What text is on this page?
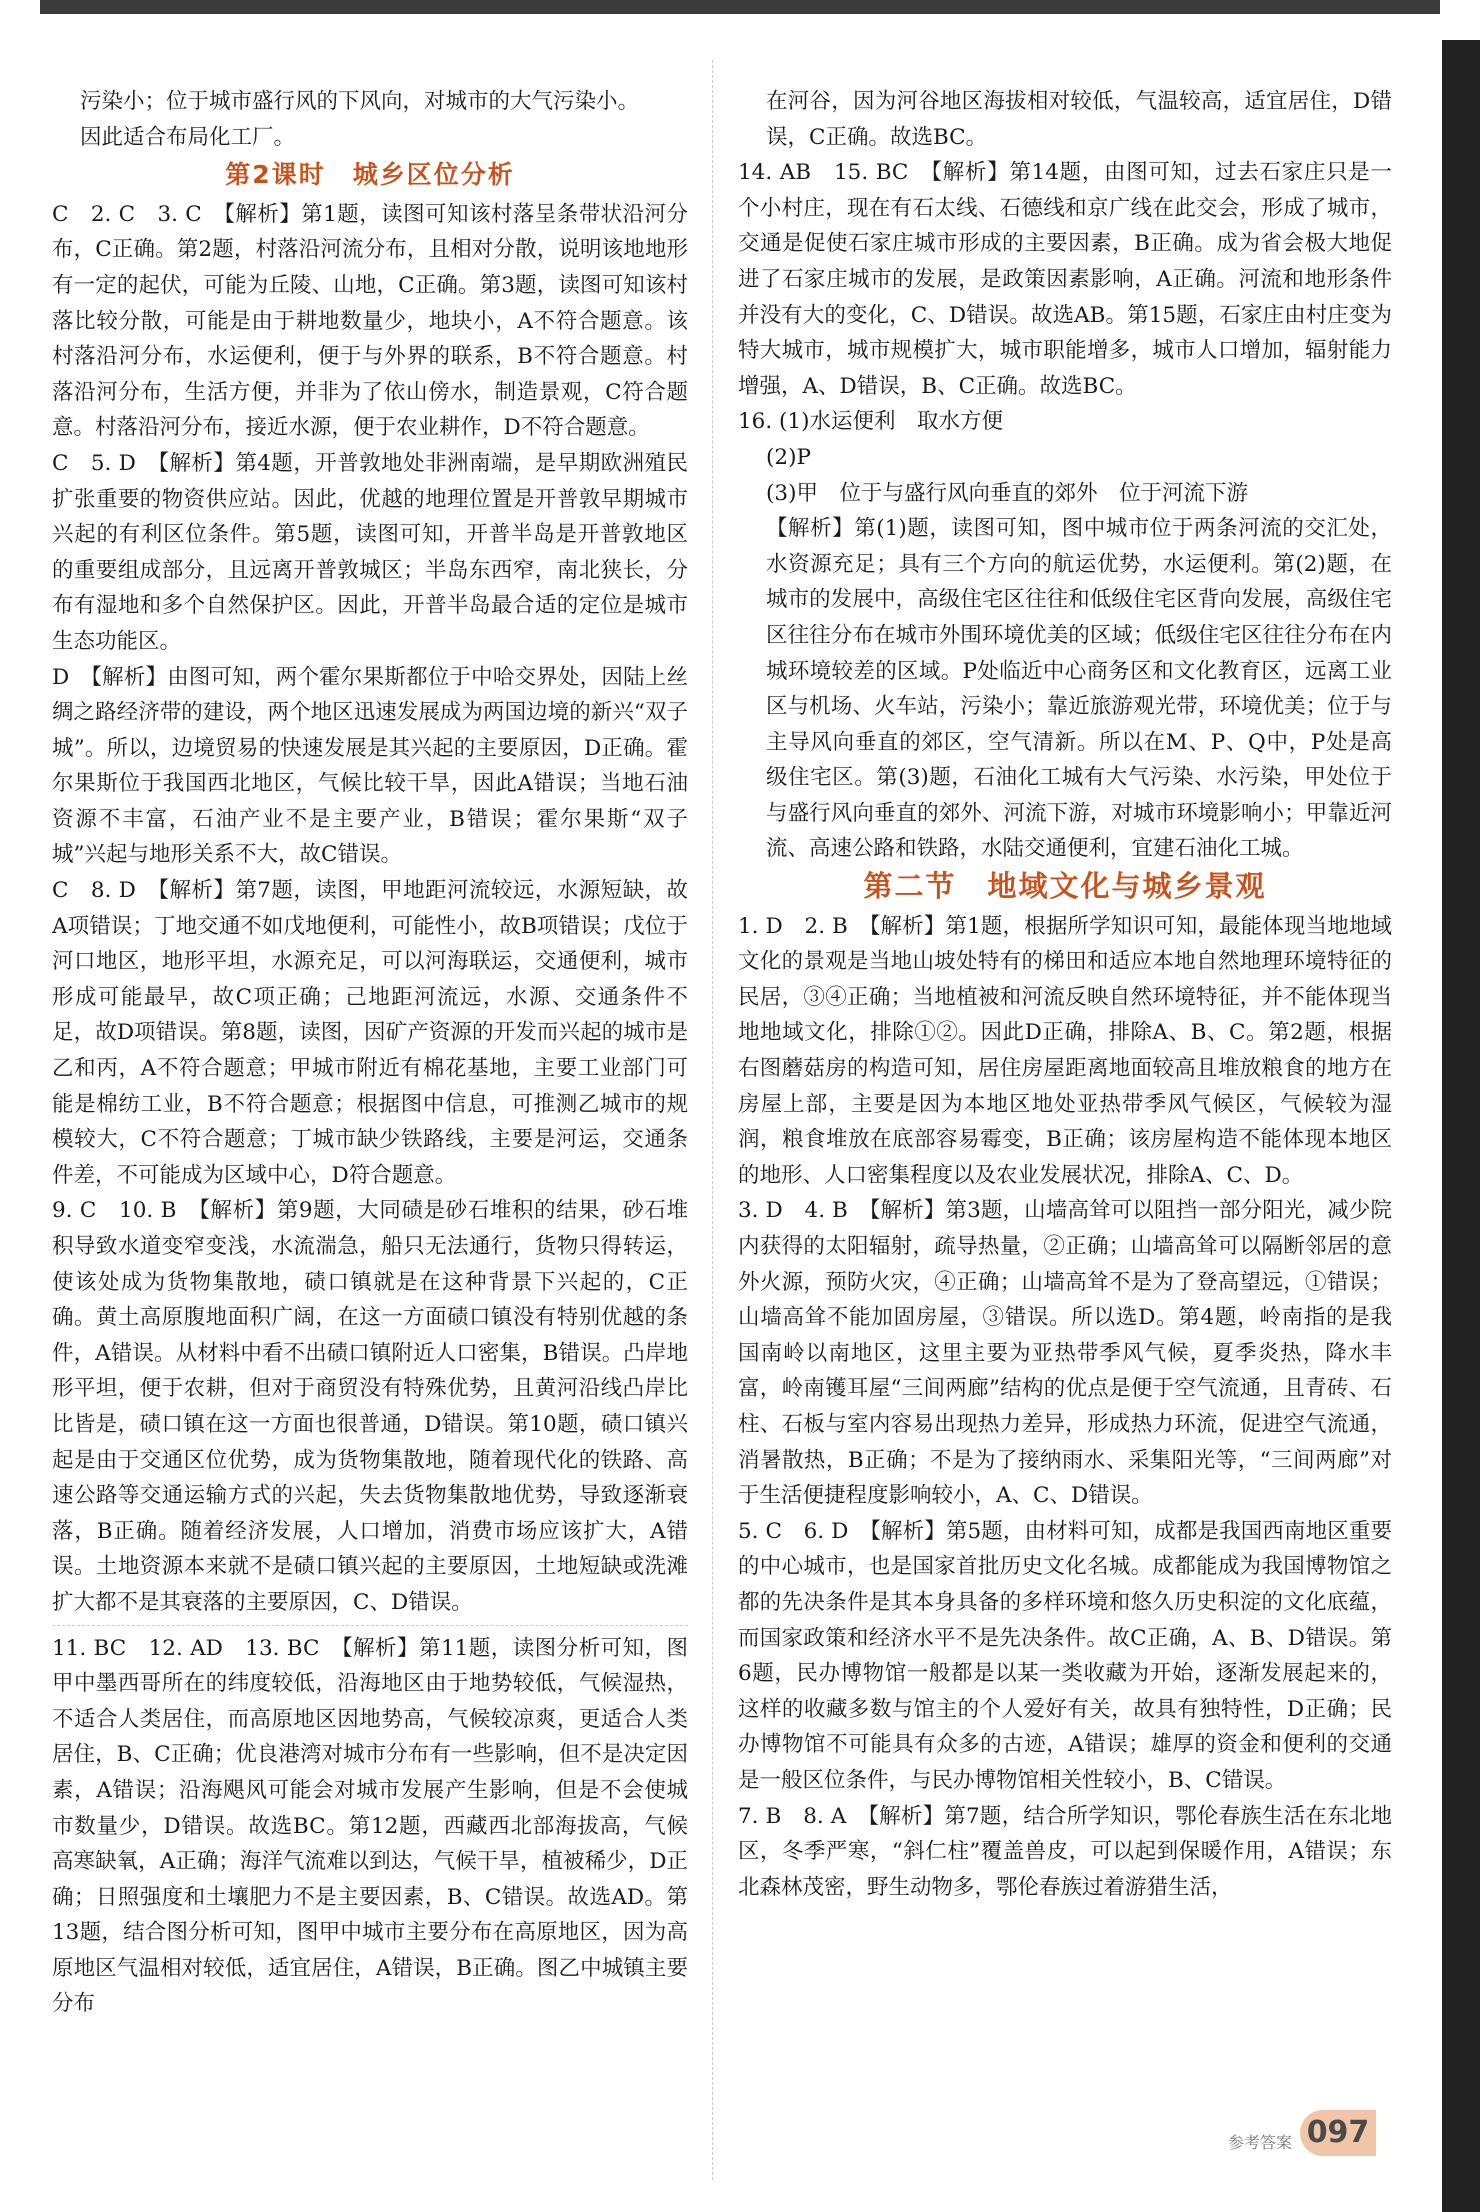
污染小；位于城市盛行风的下风向，对城市的大气污染小。

因此适合布局化工厂。

第2课时　城乡区位分析

C　2. C　3. C　【解析】第1题，读图可知该村落呈条带状沿河分布，C正确。第2题，村落沿河流分布，且相对分散，说明该地地形有一定的起伏，可能为丘陵、山地，C正确。第3题，读图可知该村落比较分散，可能是由于耕地数量少，地块小，A不符合题意。该村落沿河分布，水运便利，便于与外界的联系，B不符合题意。村落沿河分布，生活方便，并非为了依山傍水，制造景观，C符合题意。村落沿河分布，接近水源，便于农业耕作，D不符合题意。

C　5. D　【解析】第4题，开普敦地处非洲南端，是早期欧洲殖民扩张重要的物资供应站。因此，优越的地理位置是开普敦早期城市兴起的有利区位条件。第5题，读图可知，开普半岛是开普敦地区的重要组成部分，且远离开普敦城区；半岛东西窄，南北狭长，分布有湿地和多个自然保护区。因此，开普半岛最合适的定位是城市生态功能区。

D　【解析】由图可知，两个霍尔果斯都位于中哈交界处，因陆上丝绸之路经济带的建设，两个地区迅速发展成为两国边境的新兴“双子城”。所以，边境贸易的快速发展是其兴起的主要原因，D正确。霍尔果斯位于我国西北地区，气候比较干旱，因此A错误；当地石油资源不丰富，石油产业不是主要产业，B错误；霍尔果斯“双子城”兴起与地形关系不大，故C错误。

C　8. D　【解析】第7题，读图，甲地距河流较远，水源短缺，故A项错误；丁地交通不如戊地便利，可能性小，故B项错误；戊位于河口地区，地形平坦，水源充足，可以河海联运，交通便利，城市形成可能最早，故C项正确；己地距河流远，水源、交通条件不足，故D项错误。第8题，读图，因矿产资源的开发而兴起的城市是乙和丙，A不符合题意；甲城市附近有棉花基地，主要工业部门可能是棉纺工业，B不符合题意；根据图中信息，可推测乙城市的规模较大，C不符合题意；丁城市缺少铁路线，主要是河运，交通条件差，不可能成为区域中心，D符合题意。

9. C　10. B　【解析】第9题，大同碛是砂石堆积的结果，砂石堆积导致水道变窄变浅，水流湍急，船只无法通行，货物只得转运，使该处成为货物集散地，碛口镇就是在这种背景下兴起的，C正确。黄土高原腹地面积广阔，在这一方面碛口镇没有特别优越的条件，A错误。从材料中看不出碛口镇附近人口密集，B错误。凸岸地形平坦，便于农耕，但对于商贸没有特殊优势，且黄河沿线凸岸比比皆是，碛口镇在这一方面也很普通，D错误。第10题，碛口镇兴起是由于交通区位优势，成为货物集散地，随着现代化的铁路、高速公路等交通运输方式的兴起，失去货物集散地优势，导致逐渐衰落，B正确。随着经济发展，人口增加，消费市场应该扩大，A错误。土地资源本来就不是碛口镇兴起的主要原因，土地短缺或洗滩扩大都不是其衰落的主要原因，C、D错误。

11. BC　12. AD　13. BC　【解析】第11题，读图分析可知，图甲中墨西哥所在的纬度较低，沿海地区由于地势较低，气候湿热，不适合人类居住，而高原地区因地势高，气候较凉爽，更适合人类居住，B、C正确；优良港湾对城市分布有一些影响，但不是决定因素，A错误；沿海飓风可能会对城市发展产生影响，但是不会使城市数量少，D错误。故选BC。第12题，西藏西北部海拔高，气候高寒缺氧，A正确；海洋气流难以到达，气候干旱，植被稀少，D正确；日照强度和土壤肥力不是主要因素，B、C错误。故选AD。第13题，结合图分析可知，图甲中城市主要分布在高原地区，因为高原地区气温相对较低，适宜居住，A错误，B正确。图乙中城镇主要分布

在河谷，因为河谷地区海拔相对较低，气温较高，适宜居住，D错误，C正确。故选BC。

14. AB　15. BC　【解析】第14题，由图可知，过去石家庄只是一个小村庄，现在有石太线、石德线和京广线在此交会，形成了城市，交通是促使石家庄城市形成的主要因素，B正确。成为省会极大地促进了石家庄城市的发展，是政策因素影响，A正确。河流和地形条件并没有大的变化，C、D错误。故选AB。第15题，石家庄由村庄变为特大城市，城市规模扩大，城市职能增多，城市人口增加，辐射能力增强，A、D错误，B、C正确。故选BC。

16. (1)水运便利　取水方便

(2)P

(3)甲　位于与盛行风向垂直的郊外　位于河流下游

【解析】第(1)题，读图可知，图中城市位于两条河流的交汇处，水资源充足；具有三个方向的航运优势，水运便利。第(2)题，在城市的发展中，高级住宅区往往和低级住宅区背向发展，高级住宅区往往分布在城市外围环境优美的区域；低级住宅区往往分布在内城环境较差的区域。P处临近中心商务区和文化教育区，远离工业区与机场、火车站，污染小；靠近旅游观光带，环境优美；位于与主导风向垂直的郊区，空气清新。所以在M、P、Q中，P处是高级住宅区。第(3)题，石油化工城有大气污染、水污染，甲处位于与盛行风向垂直的郊外、河流下游，对城市环境影响小；甲靠近河流、高速公路和铁路，水陆交通便利，宜建石油化工城。

第二节　地域文化与城乡景观

1. D　2. B　【解析】第1题，根据所学知识可知，最能体现当地地域文化的景观是当地山坡处特有的梯田和适应本地自然地理环境特征的民居，③④正确；当地植被和河流反映自然环境特征，并不能体现当地地域文化，排除①②。因此D正确，排除A、B、C。第2题，根据右图蘑菇房的构造可知，居住房屋距离地面较高且堆放粮食的地方在房屋上部，主要是因为本地区地处亚热带季风气候区，气候较为湿润，粮食堆放在底部容易霉变，B正确；该房屋构造不能体现本地区的地形、人口密集程度以及农业发展状况，排除A、C、D。

3. D　4. B　【解析】第3题，山墙高耸可以阻挡一部分阳光，减少院内获得的太阳辐射，疏导热量，②正确；山墙高耸可以隔断邻居的意外火源，预防火灾，④正确；山墙高耸不是为了登高望远，①错误；山墙高耸不能加固房屋，③错误。所以选D。第4题，岭南指的是我国南岭以南地区，这里主要为亚热带季风气候，夏季炎热，降水丰富，岭南镬耳屋“三间两廊”结构的优点是便于空气流通，且青砖、石柱、石板与室内容易出现热力差异，形成热力环流，促进空气流通，消暑散热，B正确；不是为了接纳雨水、采集阳光等，“三间两廊”对于生活便捷程度影响较小，A、C、D错误。

5. C　6. D　【解析】第5题，由材料可知，成都是我国西南地区重要的中心城市，也是国家首批历史文化名城。成都能成为我国博物馆之都的先决条件是其本身具备的多样环境和悠久历史积淀的文化底蕴，而国家政策和经济水平不是先决条件。故C正确，A、B、D错误。第6题，民办博物馆一般都是以某一类收藏为开始，逐渐发展起来的，这样的收藏多数与馆主的个人爱好有关，故具有独特性，D正确；民办博物馆不可能具有众多的古迹，A错误；雄厚的资金和便利的交通是一般区位条件，与民办博物馆相关性较小，B、C错误。

7. B　8. A　【解析】第7题，结合所学知识，鄂伦春族生活在东北地区，冬季严寒，“斜仁柱”覆盖兽皮，可以起到保暖作用，A错误；东北森林茂密，野生动物多，鄂伦春族过着游猎生活，

参考答案 097
